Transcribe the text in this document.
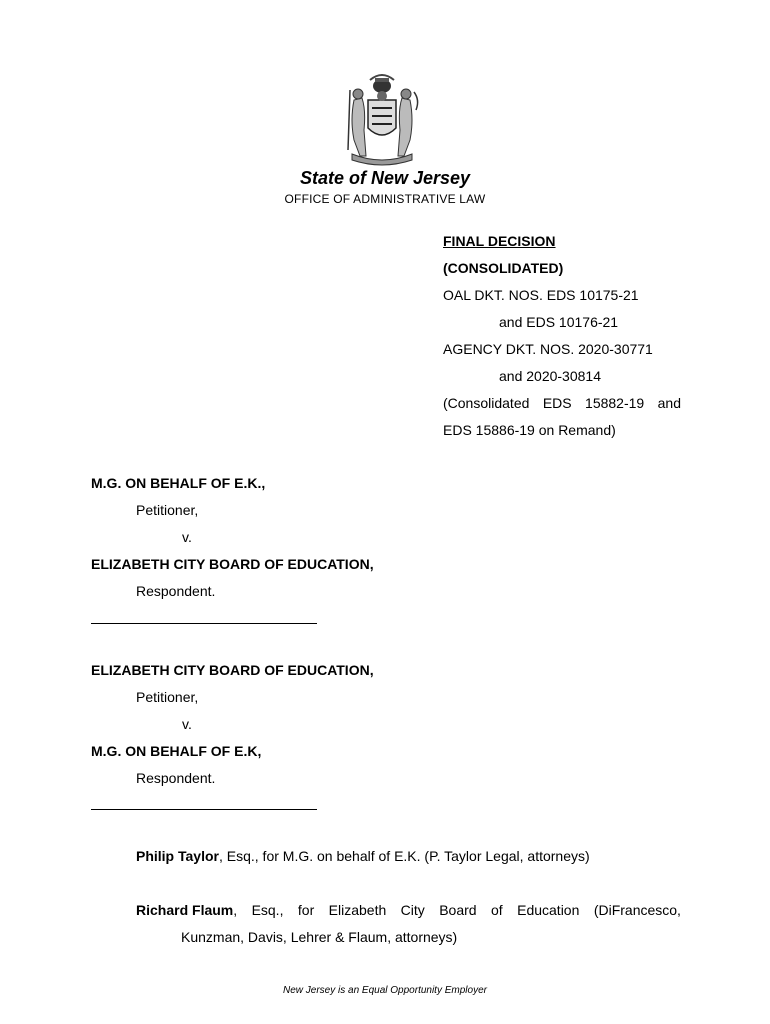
State of New Jersey
OFFICE OF ADMINISTRATIVE LAW
FINAL DECISION
(CONSOLIDATED)
OAL DKT. NOS. EDS 10175-21
and EDS 10176-21
AGENCY DKT. NOS. 2020-30771
and 2020-30814
(Consolidated EDS 15882-19 and
EDS 15886-19 on Remand)
M.G. ON BEHALF OF E.K.,
Petitioner,
v.
ELIZABETH CITY BOARD OF EDUCATION,
Respondent.
ELIZABETH CITY BOARD OF EDUCATION,
Petitioner,
v.
M.G. ON BEHALF OF E.K,
Respondent.
Philip Taylor, Esq., for M.G. on behalf of E.K. (P. Taylor Legal, attorneys)
Richard Flaum, Esq., for Elizabeth City Board of Education (DiFrancesco,
Kunzman, Davis, Lehrer & Flaum, attorneys)
New Jersey is an Equal Opportunity Employer
